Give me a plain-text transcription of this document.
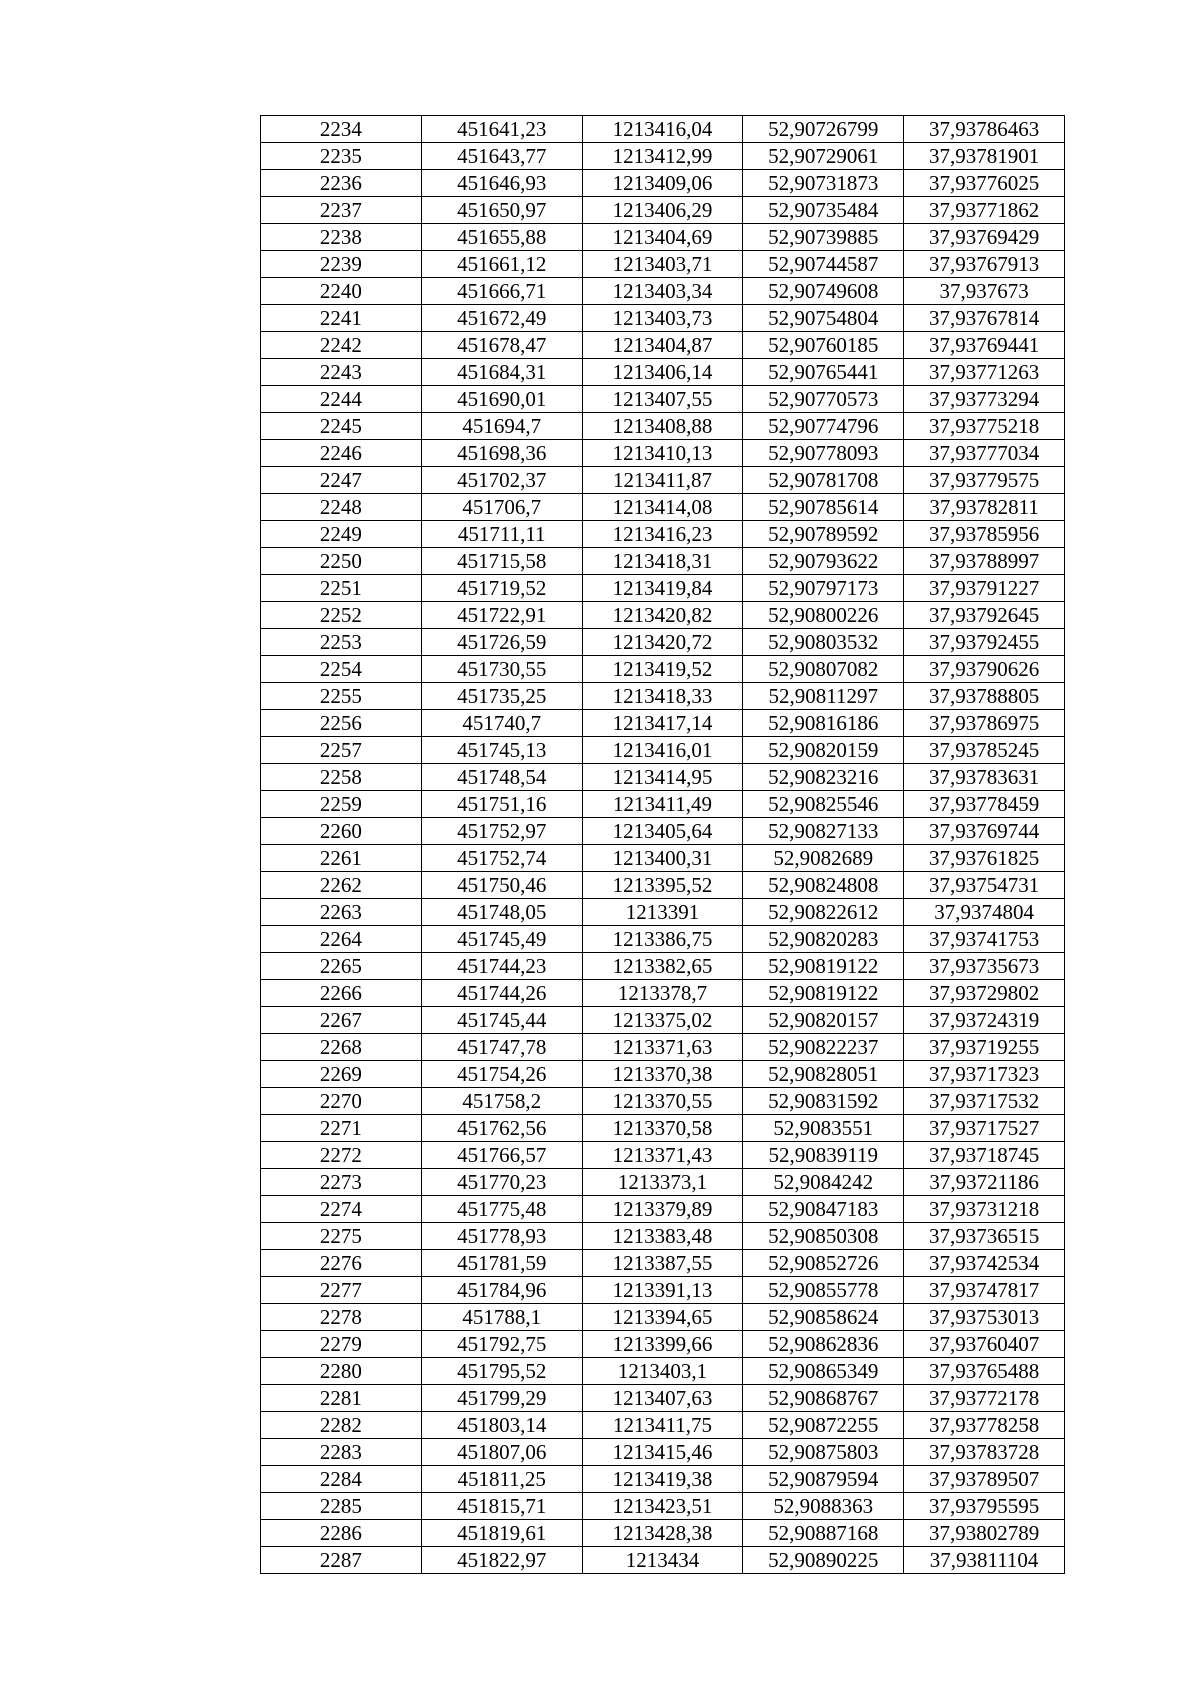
2234	451641,23	1213416,04	52,90726799	37,93786463
2235	451643,77	1213412,99	52,90729061	37,93781901
2236	451646,93	1213409,06	52,90731873	37,93776025
2237	451650,97	1213406,29	52,90735484	37,93771862
2238	451655,88	1213404,69	52,90739885	37,93769429
2239	451661,12	1213403,71	52,90744587	37,93767913
2240	451666,71	1213403,34	52,90749608	37,937673
2241	451672,49	1213403,73	52,90754804	37,93767814
2242	451678,47	1213404,87	52,90760185	37,93769441
2243	451684,31	1213406,14	52,90765441	37,93771263
2244	451690,01	1213407,55	52,90770573	37,93773294
2245	451694,7	1213408,88	52,90774796	37,93775218
2246	451698,36	1213410,13	52,90778093	37,93777034
2247	451702,37	1213411,87	52,90781708	37,93779575
2248	451706,7	1213414,08	52,90785614	37,93782811
2249	451711,11	1213416,23	52,90789592	37,93785956
2250	451715,58	1213418,31	52,90793622	37,93788997
2251	451719,52	1213419,84	52,90797173	37,93791227
2252	451722,91	1213420,82	52,90800226	37,93792645
2253	451726,59	1213420,72	52,90803532	37,93792455
2254	451730,55	1213419,52	52,90807082	37,93790626
2255	451735,25	1213418,33	52,90811297	37,93788805
2256	451740,7	1213417,14	52,90816186	37,93786975
2257	451745,13	1213416,01	52,90820159	37,93785245
2258	451748,54	1213414,95	52,90823216	37,93783631
2259	451751,16	1213411,49	52,90825546	37,93778459
2260	451752,97	1213405,64	52,90827133	37,93769744
2261	451752,74	1213400,31	52,9082689	37,93761825
2262	451750,46	1213395,52	52,90824808	37,93754731
2263	451748,05	1213391	52,90822612	37,9374804
2264	451745,49	1213386,75	52,90820283	37,93741753
2265	451744,23	1213382,65	52,90819122	37,93735673
2266	451744,26	1213378,7	52,90819122	37,93729802
2267	451745,44	1213375,02	52,90820157	37,93724319
2268	451747,78	1213371,63	52,90822237	37,93719255
2269	451754,26	1213370,38	52,90828051	37,93717323
2270	451758,2	1213370,55	52,90831592	37,93717532
2271	451762,56	1213370,58	52,9083551	37,93717527
2272	451766,57	1213371,43	52,90839119	37,93718745
2273	451770,23	1213373,1	52,9084242	37,93721186
2274	451775,48	1213379,89	52,90847183	37,93731218
2275	451778,93	1213383,48	52,90850308	37,93736515
2276	451781,59	1213387,55	52,90852726	37,93742534
2277	451784,96	1213391,13	52,90855778	37,93747817
2278	451788,1	1213394,65	52,90858624	37,93753013
2279	451792,75	1213399,66	52,90862836	37,93760407
2280	451795,52	1213403,1	52,90865349	37,93765488
2281	451799,29	1213407,63	52,90868767	37,93772178
2282	451803,14	1213411,75	52,90872255	37,93778258
2283	451807,06	1213415,46	52,90875803	37,93783728
2284	451811,25	1213419,38	52,90879594	37,93789507
2285	451815,71	1213423,51	52,9088363	37,93795595
2286	451819,61	1213428,38	52,90887168	37,93802789
2287	451822,97	1213434	52,90890225	37,93811104
